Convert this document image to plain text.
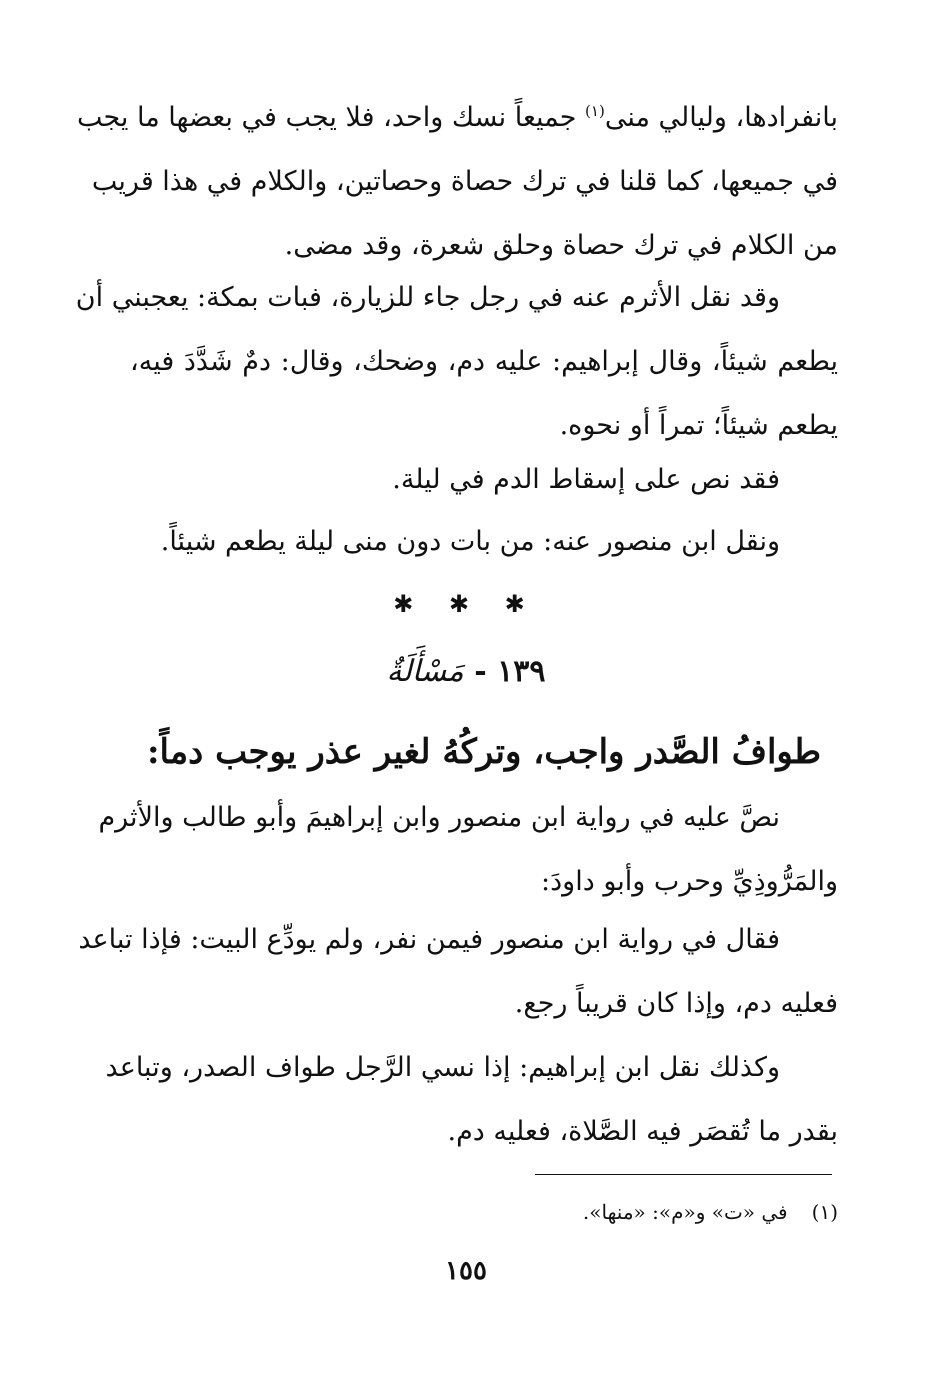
بانفرادها، وليالي منى$^{(١)}$ جميعاً نسك واحد، فلا يجب في بعضها ما يجب
في جميعها، كما قلنا في ترك حصاة وحصاتين، والكلام في هذا قريب
من الكلام في ترك حصاة وحلق شعرة، وقد مضى.
وقد نقل الأثرم عنه في رجل جاء للزيارة، فبات بمكة: يعجبني أن
يطعم شيئاً، وقال إبراهيم: عليه دم، وضحك، وقال: دمٌ شَدَّدَ فيه،
يطعم شيئاً؛ تمراً أو نحوه.
فقد نص على إسقاط الدم في ليلة.
ونقل ابن منصور عنه: من بات دون منى ليلة يطعم شيئاً.
✱ ✱ ✱
١٣٩ - مَسْأَلَةٌ
طوافُ الصَّدر واجب، وتركُهُ لغير عذر يوجب دماً:
نصَّ عليه في رواية ابن منصور وابن إبراهيمَ وأبو طالب والأثرم
والمَرُّوذِيِّ وحرب وأبو داودَ:
فقال في رواية ابن منصور فيمن نفر، ولم يودِّع البيت: فإذا تباعد
فعليه دم، وإذا كان قريباً رجع.
وكذلك نقل ابن إبراهيم: إذا نسي الرَّجل طواف الصدر، وتباعد
بقدر ما تُقصَر فيه الصَّلاة، فعليه دم.
(١)في «ت» و«م»: «منها».
١٥٥
